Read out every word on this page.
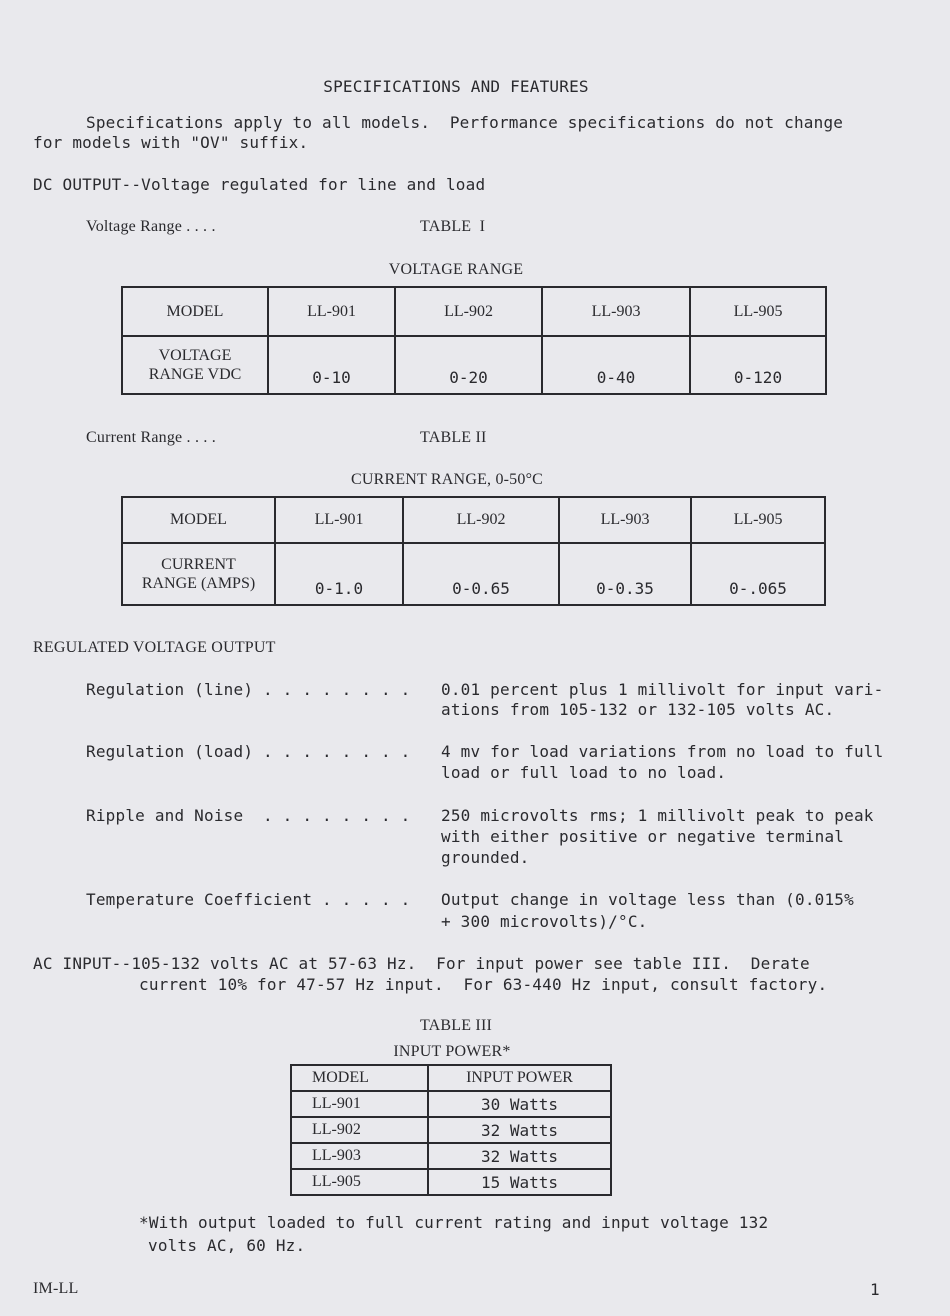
SPECIFICATIONS AND FEATURES
Specifications apply to all models.  Performance specifications do not change
for models with "OV" suffix.
DC OUTPUT--Voltage regulated for line and load
Voltage Range . . . .	TABLE  I
VOLTAGE RANGE
MODEL	LL-901	LL-902	LL-903	LL-905

VOLTAGE
RANGE VDC	0-10	0-20	0-40	0-120
Current Range . . . .	TABLE II
CURRENT RANGE, 0-50°C
MODEL	LL-901	LL-902	LL-903	LL-905

CURRENT
RANGE (AMPS)	0-1.0	0-0.65	0-0.35	0-.065
REGULATED VOLTAGE OUTPUT
Regulation (line) . . . . . . . . 0.01 percent plus 1 millivolt for input vari-
ations from 105-132 or 132-105 volts AC.
Regulation (load) . . . . . . . . 4 mv for load variations from no load to full
load or full load to no load.
Ripple and Noise  . . . . . . . . 250 microvolts rms; 1 millivolt peak to peak
with either positive or negative terminal
grounded.
Temperature Coefficient . . . . . Output change in voltage less than (0.015%
+ 300 microvolts)/°C.
AC INPUT--105-132 volts AC at 57-63 Hz.  For input power see table III.  Derate
current 10% for 47-57 Hz input.  For 63-440 Hz input, consult factory.
TABLE III
INPUT POWER*
MODEL	INPUT POWER
LL-901	30 Watts
LL-902	32 Watts
LL-903	32 Watts
LL-905	15 Watts
*With output loaded to full current rating and input voltage 132
volts AC, 60 Hz.
IM-LL	1
